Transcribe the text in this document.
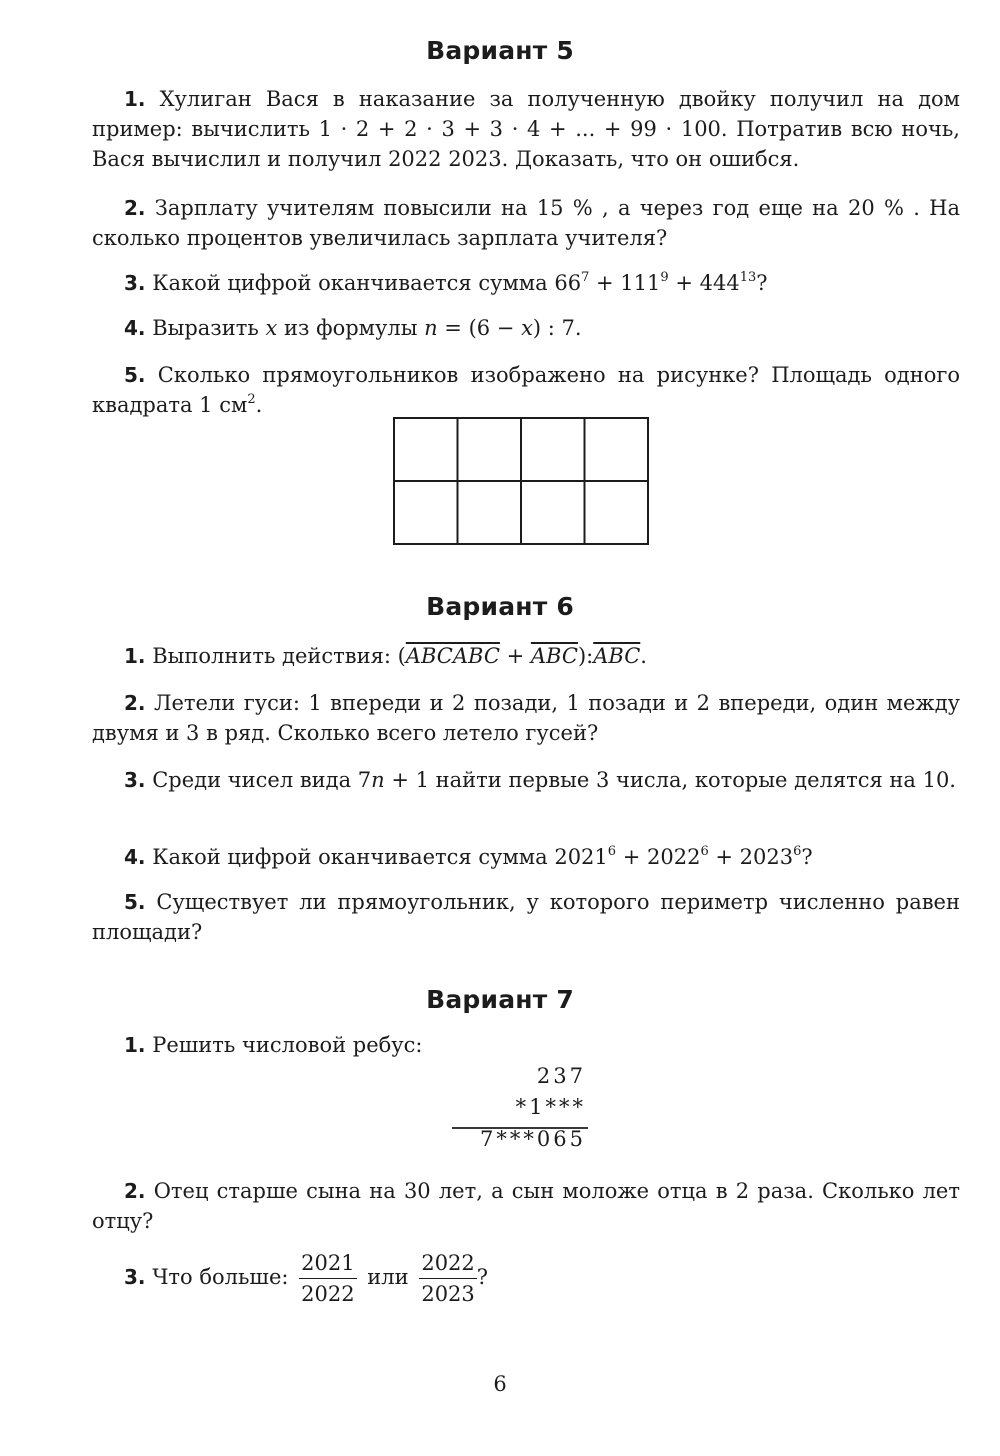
Вариант 5
1. Хулиган Вася в наказание за полученную двойку получил на дом пример: вычислить 1 · 2 + 2 · 3 + 3 · 4 + ... + 99 · 100. Потратив всю ночь, Вася вычислил и получил 2022 2023. Доказать, что он ошибся.
2. Зарплату учителям повысили на 15 % , а через год еще на 20 % . На сколько процентов увеличилась зарплата учителя?
3. Какой цифрой оканчивается сумма $66^7 + 111^9 + 444^{13}$?
4. Выразить x из формулы n = (6 − x) : 7.
5. Сколько прямоугольников изображено на рисунке? Площадь одного квадрата 1 $см^2$.
Вариант 6
1. Выполнить действия: (ABCABC + $\overline{ABC}):\overline{ABC}$.
2. Летели гуси: 1 впереди и 2 позади, 1 позади и 2 впереди, один между двумя и 3 в ряд. Сколько всего летело гусей?
3. Среди чисел вида 7n + 1 найти первые 3 числа, которые делятся на 10.
4. Какой цифрой оканчивается сумма $2021^6 + 2022^6 + 2023^6$?
5. Существует ли прямоугольник, у которого периметр численно равен площади?
Вариант 7
1. Решить числовой ребус:
237
*1***
7***065
2. Отец старше сына на 30 лет, а сын моложе отца в 2 раза. Сколько лет отцу?
3. Что больше: $\frac{2021}{2022}$ или $\frac{2022}{2023}$ ?
6
